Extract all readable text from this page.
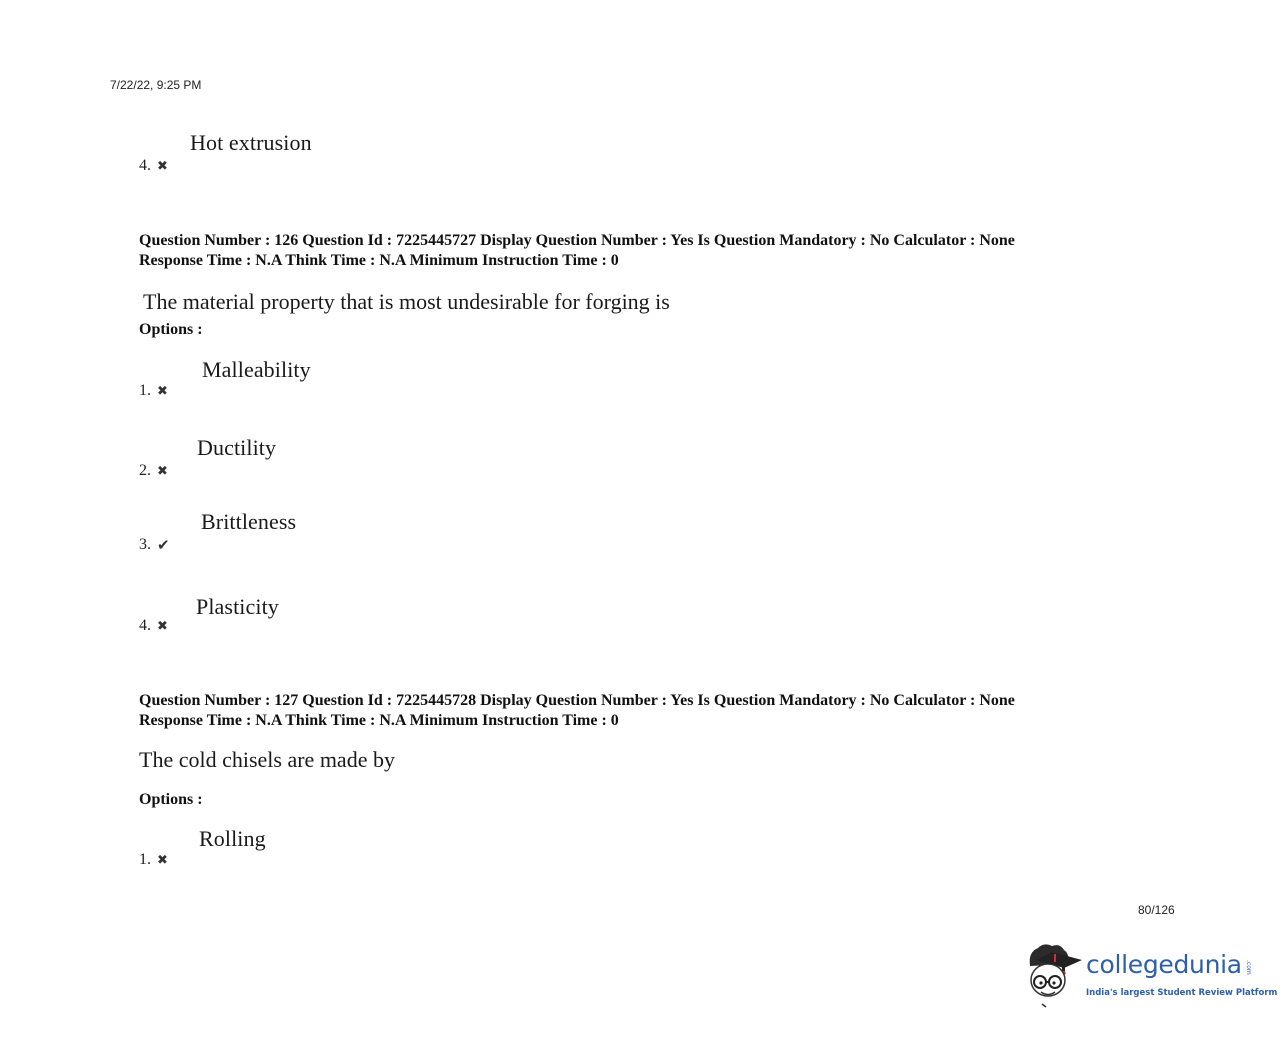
7/22/22, 9:25 PM
Hot extrusion
4. ✖
Question Number : 126 Question Id : 7225445727 Display Question Number : Yes Is Question Mandatory : No Calculator : None
Response Time : N.A Think Time : N.A Minimum Instruction Time : 0
The material property that is most undesirable for forging is
Options :
Malleability
1. ✖
Ductility
2. ✖
Brittleness
3. ✔
Plasticity
4. ✖
Question Number : 127 Question Id : 7225445728 Display Question Number : Yes Is Question Mandatory : No Calculator : None
Response Time : N.A Think Time : N.A Minimum Instruction Time : 0
The cold chisels are made by
Options :
Rolling
1. ✖
80/126
collegedunia .com
India's largest Student Review Platform
